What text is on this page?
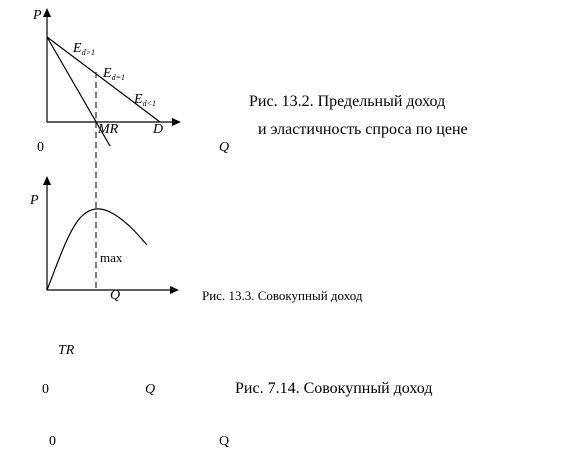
P
$E_{d>1}$
$E_{d=1}$
$E_{d<1}$
MR D
0	Q
Рис. 13.2. Предельный доход
и эластичность спроса по цене
P
max
Q	Рис. 13.3. Совокупный доход
TR
0	Q	Рис. 7.14. Совокупный доход
0	Q
